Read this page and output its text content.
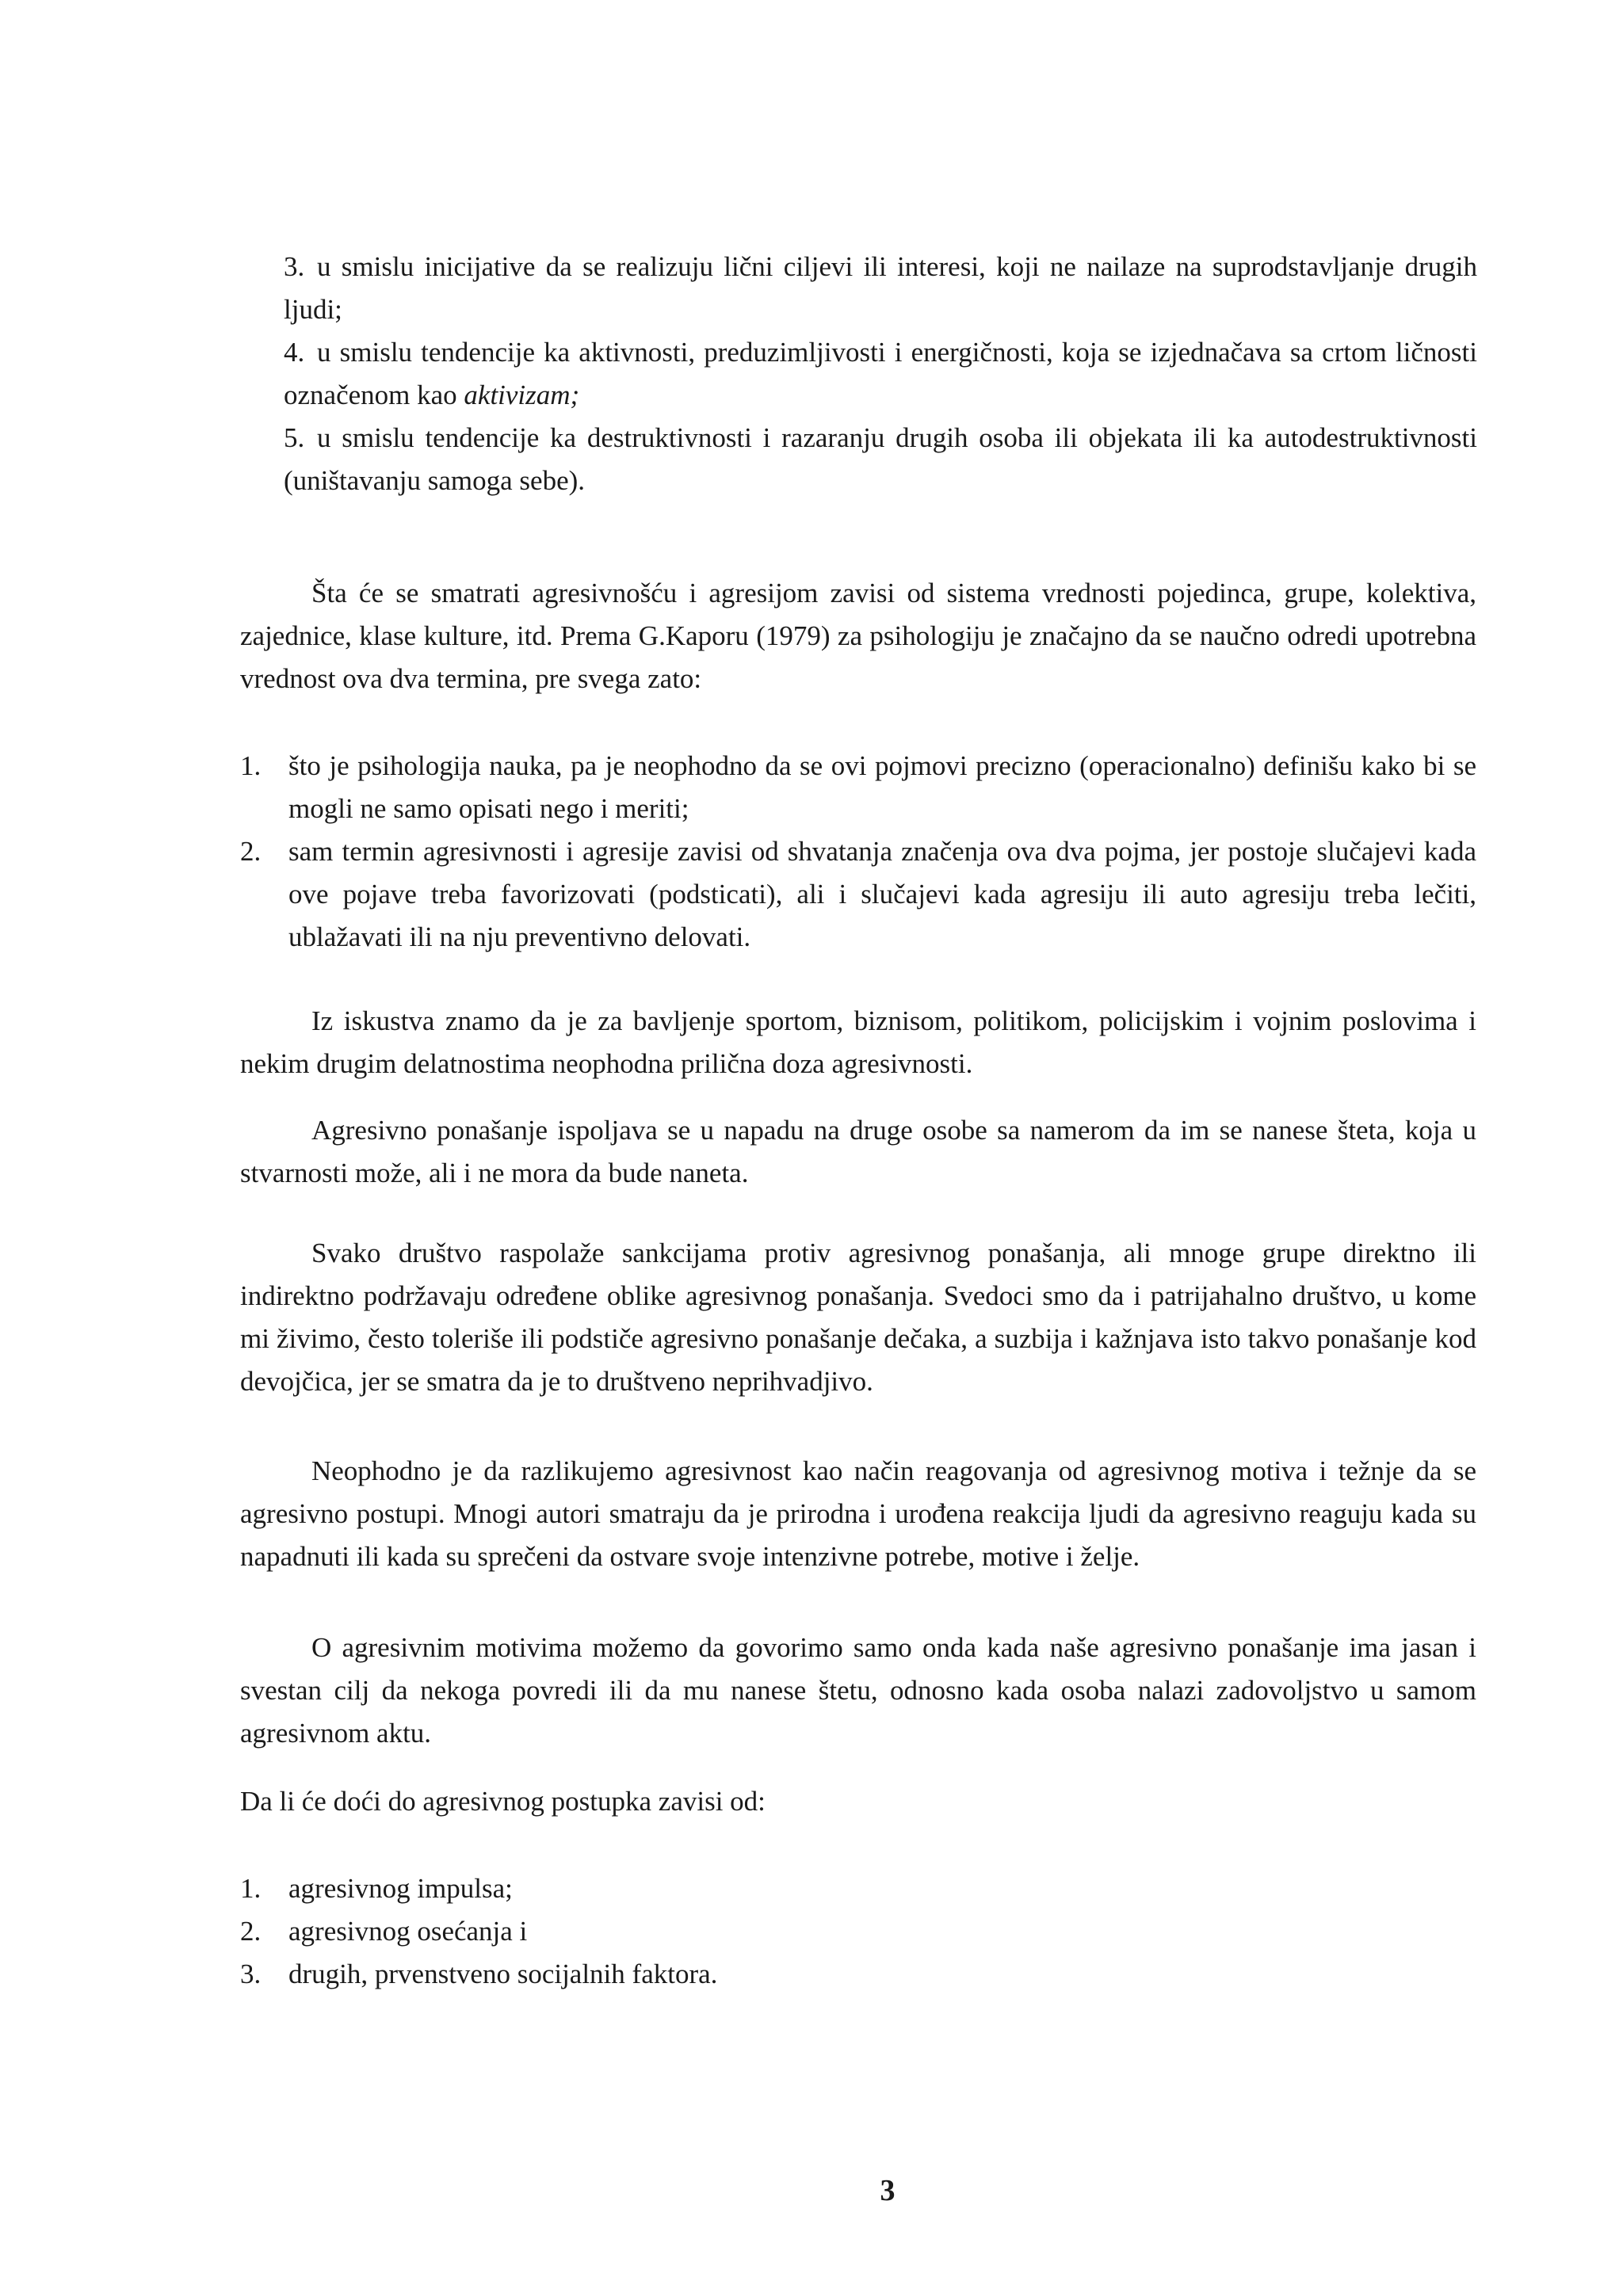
3. u smislu inicijative da se realizuju lični ciljevi ili interesi, koji ne nailaze na suprodstavljanje drugih ljudi;

4. u smislu tendencije ka aktivnosti, preduzimljivosti i energičnosti, koja se izjednačava sa crtom ličnosti označenom kao aktivizam;

5. u smislu tendencije ka destruktivnosti i razaranju drugih osoba ili objekata ili ka autodestruktivnosti (uništavanju samoga sebe).

Šta će se smatrati agresivnošću i agresijom zavisi od sistema vrednosti pojedinca, grupe, kolektiva, zajednice, klase kulture, itd. Prema G.Kaporu (1979) za psihologiju je značajno da se naučno odredi upotrebna vrednost ova dva termina, pre svega zato:

1. što je psihologija nauka, pa je neophodno da se ovi pojmovi precizno (operacionalno) definišu kako bi se mogli ne samo opisati nego i meriti;
2. sam termin agresivnosti i agresije zavisi od shvatanja značenja ova dva pojma, jer postoje slučajevi kada ove pojave treba favorizovati (podsticati), ali i slučajevi kada agresiju ili auto agresiju treba lečiti, ublažavati ili na nju preventivno delovati.

Iz iskustva znamo da je za bavljenje sportom, biznisom, politikom, policijskim i vojnim poslovima i nekim drugim delatnostima neophodna prilična doza agresivnosti.

Agresivno ponašanje ispoljava se u napadu na druge osobe sa namerom da im se nanese šteta, koja u stvarnosti može, ali i ne mora da bude naneta.

Svako društvo raspolaže sankcijama protiv agresivnog ponašanja, ali mnoge grupe direktno ili indirektno podržavaju određene oblike agresivnog ponašanja. Svedoci smo da i patrijahalno društvo, u kome mi živimo, često toleriše ili podstiče agresivno ponašanje dečaka, a suzbija i kažnjava isto takvo ponašanje kod devojčica, jer se smatra da je to društveno neprihvadjivo.

Neophodno je da razlikujemo agresivnost kao način reagovanja od agresivnog motiva i težnje da se agresivno postupi. Mnogi autori smatraju da je prirodna i urođena reakcija ljudi da agresivno reaguju kada su napadnuti ili kada su sprečeni da ostvare svoje intenzivne potrebe, motive i želje.

O agresivnim motivima možemo da govorimo samo onda kada naše agresivno ponašanje ima jasan i svestan cilj da nekoga povredi ili da mu nanese štetu, odnosno kada osoba nalazi zadovoljstvo u samom agresivnom aktu.

Da li će doći do agresivnog postupka zavisi od:

1. agresivnog impulsa;
2. agresivnog osećanja i
3. drugih, prvenstveno socijalnih faktora.
3
